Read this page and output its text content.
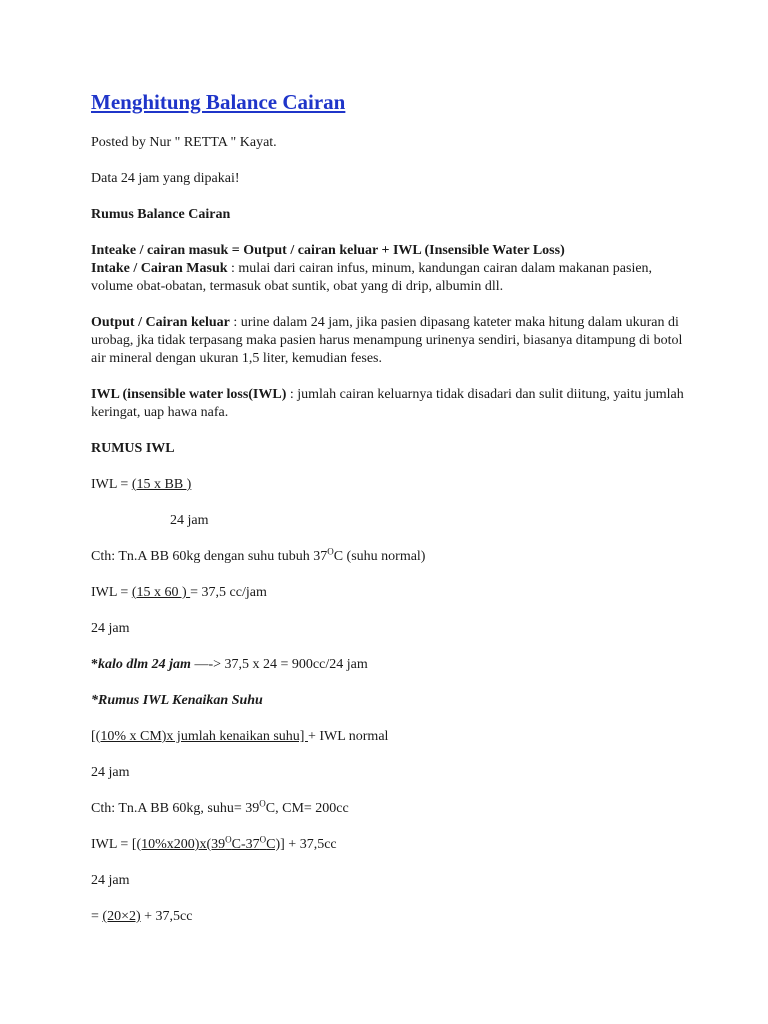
Menghitung Balance Cairan

Posted by Nur " RETTA " Kayat.

Data 24 jam yang dipakai!

Rumus Balance Cairan

Inteake / cairan masuk = Output / cairan keluar + IWL (Insensible Water Loss)
Intake / Cairan Masuk : mulai dari cairan infus, minum, kandungan cairan dalam makanan pasien, volume obat-obatan, termasuk obat suntik, obat yang di drip, albumin dll.

Output / Cairan keluar : urine dalam 24 jam, jika pasien dipasang kateter maka hitung dalam ukuran di urobag, jka tidak terpasang maka pasien harus menampung urinenya sendiri, biasanya ditampung di botol air mineral dengan ukuran 1,5 liter, kemudian feses.

IWL (insensible water loss(IWL) : jumlah cairan keluarnya tidak disadari dan sulit diitung, yaitu jumlah keringat, uap hawa nafa.

RUMUS IWL

IWL = (15 x BB )

24 jam

Cth: Tn.A BB 60kg dengan suhu tubuh $37^OC$ (suhu normal)

IWL = (15 x 60 ) = 37,5 cc/jam

24 jam

*kalo dlm 24 jam —-> 37,5 x 24 = 900cc/24 jam

*Rumus IWL Kenaikan Suhu

[(10% x CM)x jumlah kenaikan suhu] + IWL normal

24 jam

Cth: Tn.A BB 60kg, suhu= $39^OC$, CM= 200cc

IWL = $[(10\%x200)x(39^OC-37^OC)] + 37,5cc$

24 jam

= (20×2) + 37,5cc
